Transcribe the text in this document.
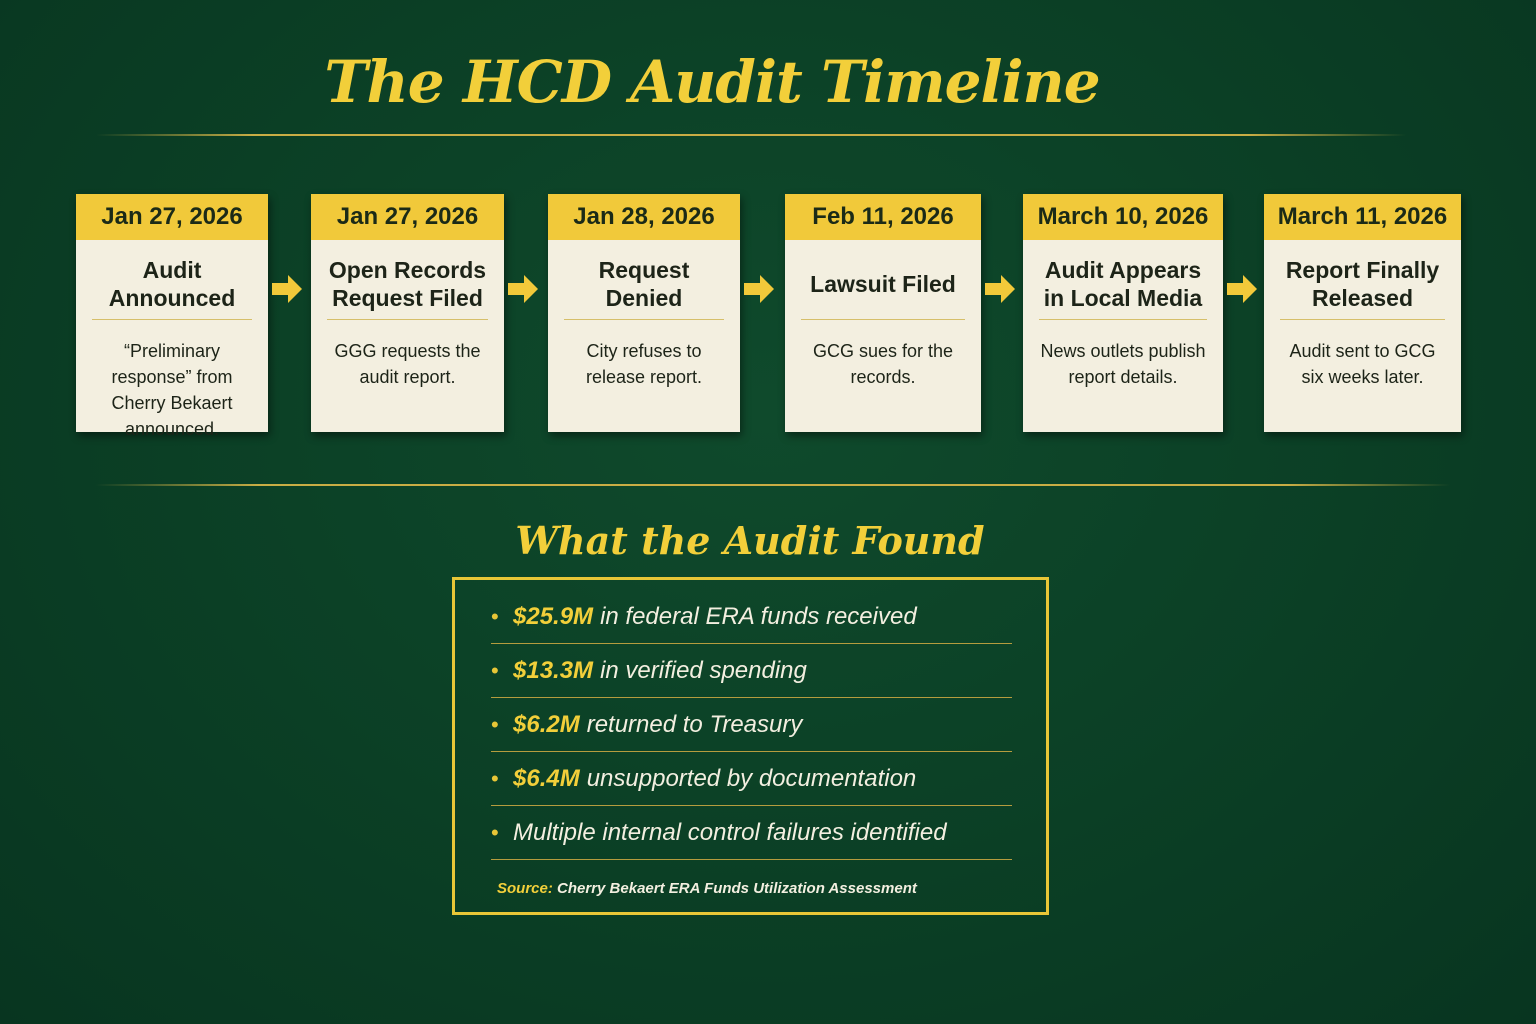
The HCD Audit Timeline
Jan 27, 2026
Audit Announced
“Preliminary response” from Cherry Bekaert announced.
Jan 27, 2026
Open Records Request Filed
GGG requests the audit report.
Jan 28, 2026
Request Denied
City refuses to release report.
Feb 11, 2026
Lawsuit Filed
GCG sues for the records.
March 10, 2026
Audit Appears in Local Media
News outlets publish report details.
March 11, 2026
Report Finally Released
Audit sent to GCG six weeks later.
What the Audit Found
• $25.9M in federal ERA funds received
• $13.3M in verified spending
• $6.2M returned to Treasury
• $6.4M unsupported by documentation
• Multiple internal control failures identified
Source: Cherry Bekaert ERA Funds Utilization Assessment
